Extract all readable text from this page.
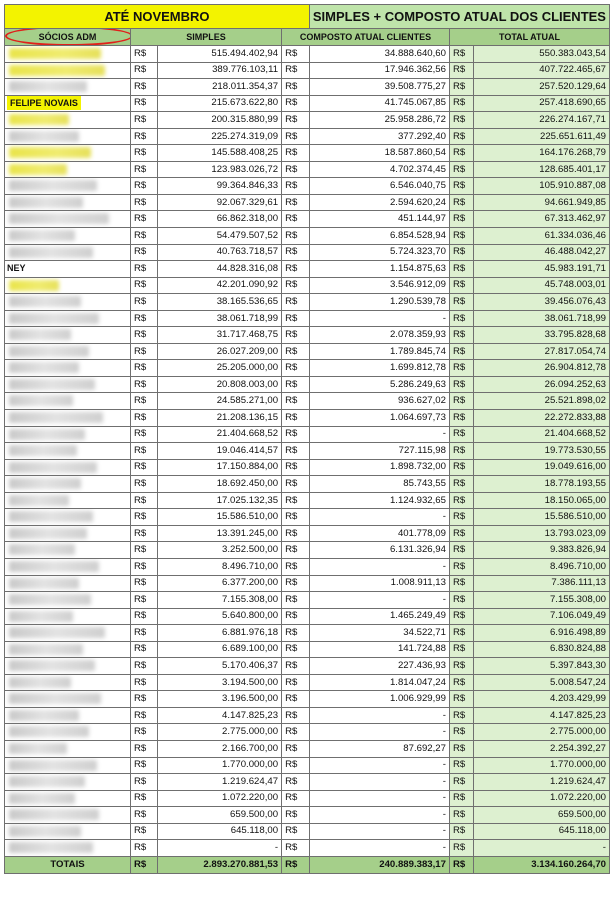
ATÉ NOVEMBRO				SIMPLES + COMPOSTO ATUAL DOS CLIENTES		
SÓCIOS ADM	SIMPLES		COMPOSTO ATUAL CLIENTES		TOTAL ATUAL	

	R$	515.494.402,94	R$	34.888.640,60	R$	550.383.043,54

	R$	389.776.103,11	R$	17.946.362,56	R$	407.722.465,67

	R$	218.011.354,37	R$	39.508.775,27	R$	257.520.129,64

FELIPE NOVAIS	R$	215.673.622,80	R$	41.745.067,85	R$	257.418.690,65

	R$	200.315.880,99	R$	25.958.286,72	R$	226.274.167,71

	R$	225.274.319,09	R$	377.292,40	R$	225.651.611,49

	R$	145.588.408,25	R$	18.587.860,54	R$	164.176.268,79

	R$	123.983.026,72	R$	4.702.374,45	R$	128.685.401,17

	R$	99.364.846,33	R$	6.546.040,75	R$	105.910.887,08

	R$	92.067.329,61	R$	2.594.620,24	R$	94.661.949,85

	R$	66.862.318,00	R$	451.144,97	R$	67.313.462,97

	R$	54.479.507,52	R$	6.854.528,94	R$	61.334.036,46

	R$	40.763.718,57	R$	5.724.323,70	R$	46.488.042,27

NEY	R$	44.828.316,08	R$	1.154.875,63	R$	45.983.191,71

	R$	42.201.090,92	R$	3.546.912,09	R$	45.748.003,01

	R$	38.165.536,65	R$	1.290.539,78	R$	39.456.076,43

	R$	38.061.718,99	R$	-	R$	38.061.718,99

	R$	31.717.468,75	R$	2.078.359,93	R$	33.795.828,68

	R$	26.027.209,00	R$	1.789.845,74	R$	27.817.054,74

	R$	25.205.000,00	R$	1.699.812,78	R$	26.904.812,78

	R$	20.808.003,00	R$	5.286.249,63	R$	26.094.252,63

	R$	24.585.271,00	R$	936.627,02	R$	25.521.898,02

	R$	21.208.136,15	R$	1.064.697,73	R$	22.272.833,88

	R$	21.404.668,52	R$	-	R$	21.404.668,52

	R$	19.046.414,57	R$	727.115,98	R$	19.773.530,55

	R$	17.150.884,00	R$	1.898.732,00	R$	19.049.616,00

	R$	18.692.450,00	R$	85.743,55	R$	18.778.193,55

	R$	17.025.132,35	R$	1.124.932,65	R$	18.150.065,00

	R$	15.586.510,00	R$	-	R$	15.586.510,00

	R$	13.391.245,00	R$	401.778,09	R$	13.793.023,09

	R$	3.252.500,00	R$	6.131.326,94	R$	9.383.826,94

	R$	8.496.710,00	R$	-	R$	8.496.710,00

	R$	6.377.200,00	R$	1.008.911,13	R$	7.386.111,13

	R$	7.155.308,00	R$	-	R$	7.155.308,00

	R$	5.640.800,00	R$	1.465.249,49	R$	7.106.049,49

	R$	6.881.976,18	R$	34.522,71	R$	6.916.498,89

	R$	6.689.100,00	R$	141.724,88	R$	6.830.824,88

	R$	5.170.406,37	R$	227.436,93	R$	5.397.843,30

	R$	3.194.500,00	R$	1.814.047,24	R$	5.008.547,24

	R$	3.196.500,00	R$	1.006.929,99	R$	4.203.429,99

	R$	4.147.825,23	R$	-	R$	4.147.825,23

	R$	2.775.000,00	R$	-	R$	2.775.000,00

	R$	2.166.700,00	R$	87.692,27	R$	2.254.392,27

	R$	1.770.000,00	R$	-	R$	1.770.000,00

	R$	1.219.624,47	R$	-	R$	1.219.624,47

	R$	1.072.220,00	R$	-	R$	1.072.220,00

	R$	659.500,00	R$	-	R$	659.500,00

	R$	645.118,00	R$	-	R$	645.118,00

	R$	-	R$	-	R$	-
TOTAIS	R$	2.893.270.881,53	R$	240.889.383,17	R$	3.134.160.264,70
